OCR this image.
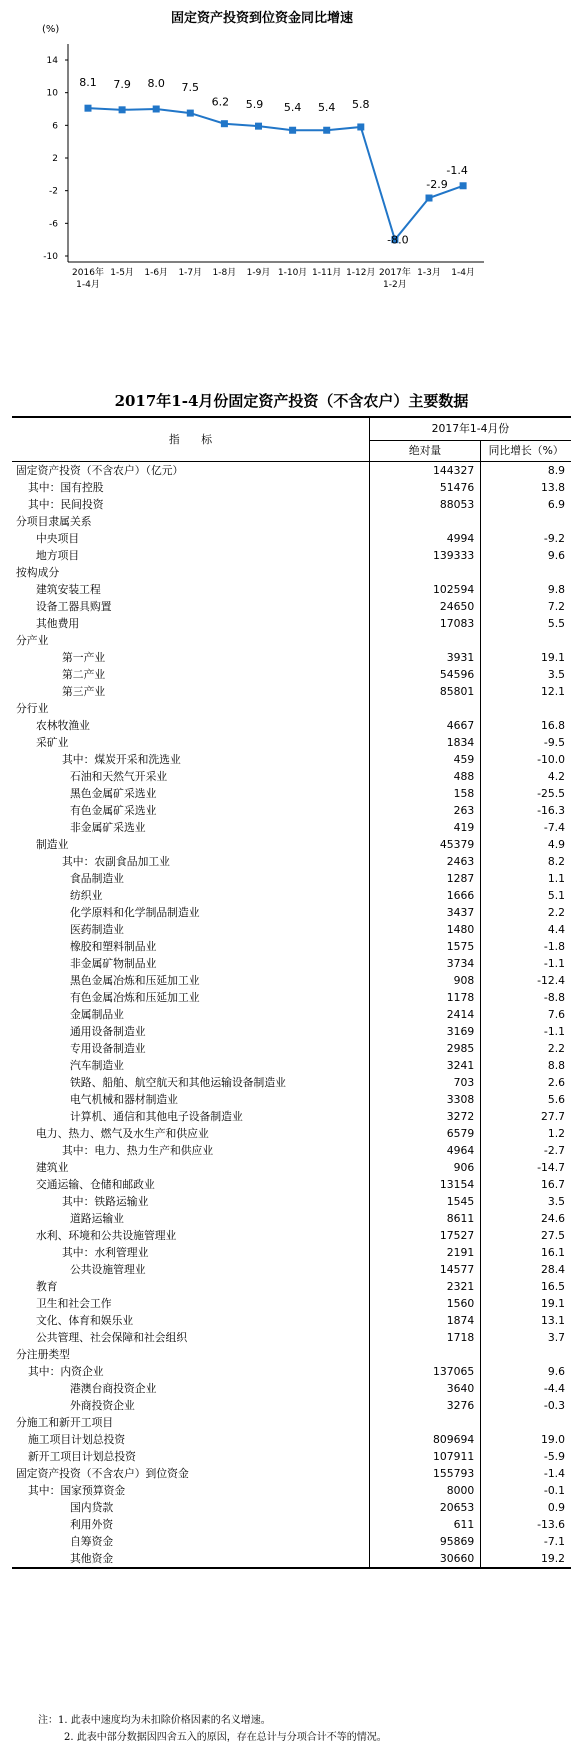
固定资产投资到位资金同比增速
(%)
14
10
6
2
-2
-6
-10
2016年 1-4月
1-5月 1-6月 1-7月 1-8月 1-9月 1-10月 1-11月 1-12月 2017年 1-2月
1-3月 1-4月
8.1 7.9 8.0 7.5
6.2 5.9 5.4 5.4 5.8
-8.0
-2.9
-1.4
2017年1-4月份固定资产投资（不含农户）主要数据
指　　标	2017年1-4月份	
	绝对量	同比增长（%）
固定资产投资（不含农户）（亿元）	144327	8.9
其中：国有控股	51476	13.8
其中：民间投资	88053	6.9
分项目隶属关系		
中央项目	4994	-9.2
地方项目	139333	9.6
按构成分		
建筑安装工程	102594	9.8
设备工器具购置	24650	7.2
其他费用	17083	5.5
分产业		
第一产业	3931	19.1
第二产业	54596	3.5
第三产业	85801	12.1
分行业		
农林牧渔业	4667	16.8
采矿业	1834	-9.5
其中：煤炭开采和洗选业	459	-10.0
石油和天然气开采业	488	4.2
黑色金属矿采选业	158	-25.5
有色金属矿采选业	263	-16.3
非金属矿采选业	419	-7.4
制造业	45379	4.9
其中：农副食品加工业	2463	8.2
食品制造业	1287	1.1
纺织业	1666	5.1
化学原料和化学制品制造业	3437	2.2
医药制造业	1480	4.4
橡胶和塑料制品业	1575	-1.8
非金属矿物制品业	3734	-1.1
黑色金属冶炼和压延加工业	908	-12.4
有色金属冶炼和压延加工业	1178	-8.8
金属制品业	2414	7.6
通用设备制造业	3169	-1.1
专用设备制造业	2985	2.2
汽车制造业	3241	8.8
铁路、船舶、航空航天和其他运输设备制造业	703	2.6
电气机械和器材制造业	3308	5.6
计算机、通信和其他电子设备制造业	3272	27.7
电力、热力、燃气及水生产和供应业	6579	1.2
其中：电力、热力生产和供应业	4964	-2.7
建筑业	906	-14.7
交通运输、仓储和邮政业	13154	16.7
其中：铁路运输业	1545	3.5
道路运输业	8611	24.6
水利、环境和公共设施管理业	17527	27.5
其中：水利管理业	2191	16.1
公共设施管理业	14577	28.4
教育	2321	16.5
卫生和社会工作	1560	19.1
文化、体育和娱乐业	1874	13.1
公共管理、社会保障和社会组织	1718	3.7
分注册类型		
其中：内资企业	137065	9.6
港澳台商投资企业	3640	-4.4
外商投资企业	3276	-0.3
分施工和新开工项目		
施工项目计划总投资	809694	19.0
新开工项目计划总投资	107911	-5.9
固定资产投资（不含农户）到位资金	155793	-1.4
其中：国家预算资金	8000	-0.1
国内贷款	20653	0.9
利用外资	611	-13.6
自筹资金	95869	-7.1
其他资金	30660	19.2
注：1. 此表中速度均为未扣除价格因素的名义增速。
2. 此表中部分数据因四舍五入的原因，存在总计与分项合计不等的情况。
